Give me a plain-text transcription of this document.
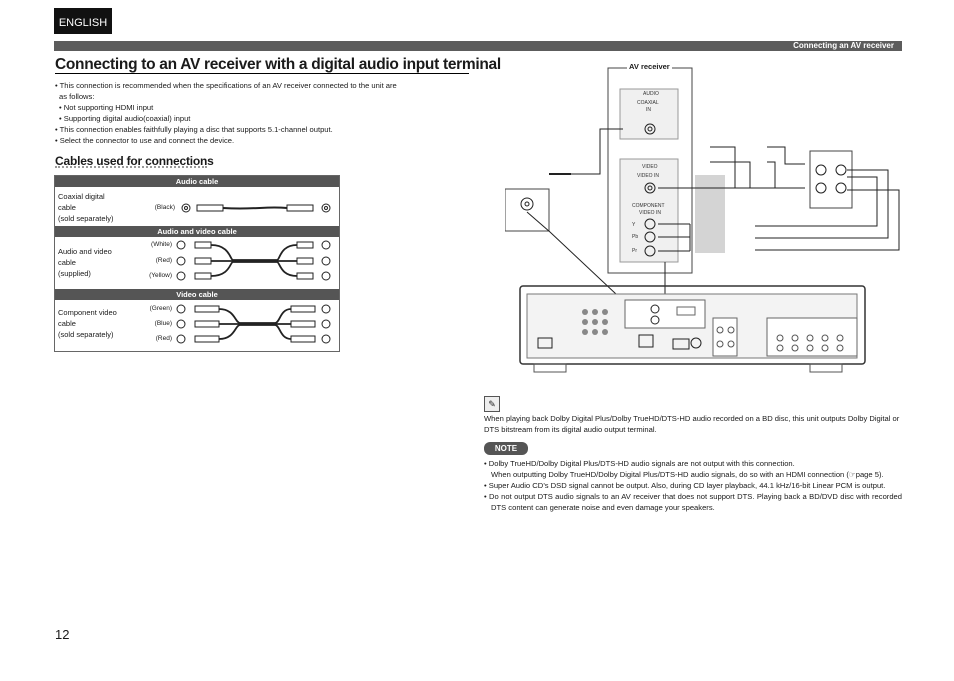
ENGLISH
Connecting an AV receiver
Connecting to an AV receiver with a digital audio input terminal
• This connection is recommended when the specifications of an AV receiver connected to the unit are
as follows:
• Not supporting HDMI input
• Supporting digital audio(coaxial) input
• This connection enables faithfully playing a disc that supports 5.1-channel output.
• Select the connector to use and connect the device.
Cables used for connections
Audio cable
Coaxial digital
cable
(sold separately)
(Black)
Audio and video cable
Audio and video
cable
(supplied)
(White)
(Red)
(Yellow)
Video cable
Component video
cable
(sold separately)
(Green)
(Blue)
(Red)
AV receiver
AUDIO
COAXIAL
IN
VIDEO
VIDEO IN
COMPONENT
VIDEO IN
Y
Pb
Pr
✎
When playing back Dolby Digital Plus/Dolby TrueHD/DTS-HD audio recorded on a BD disc, this unit outputs Dolby Digital or DTS bitstream from its digital audio output terminal.
NOTE
• Dolby TrueHD/Dolby Digital Plus/DTS-HD audio signals are not output with this connection.
When outputting Dolby TrueHD/Dolby Digital Plus/DTS-HD audio signals, do so with an HDMI connection (☞page 5).
• Super Audio CD’s DSD signal cannot be output. Also, during CD layer playback, 44.1 kHz/16-bit Linear PCM is output.
• Do not output DTS audio signals to an AV receiver that does not support DTS. Playing back a BD/DVD disc with recorded DTS content can generate noise and even damage your speakers.
12
